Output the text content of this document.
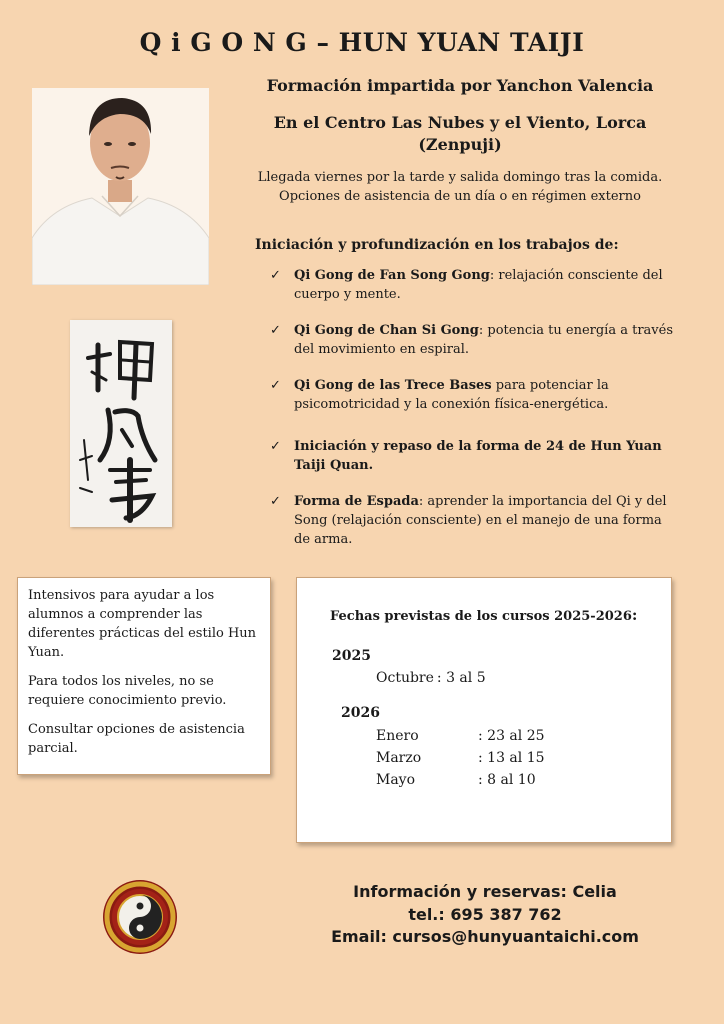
Q i G O N G – HUN YUAN TAIJI
Formación impartida por Yanchon Valencia
En el Centro Las Nubes y el Viento, Lorca
(Zenpuji)
Llegada viernes por la tarde y salida domingo tras la comida.
Opciones de asistencia de un día o en régimen externo
Iniciación y profundización en los trabajos de:
✓ Qi Gong de Fan Song Gong: relajación consciente del cuerpo y mente.
✓ Qi Gong de Chan Si Gong: potencia tu energía a través del movimiento en espiral.
✓ Qi Gong de las Trece Bases para potenciar la psicomotricidad y la conexión física-energética.
✓ Iniciación y repaso de la forma de 24 de Hun Yuan Taiji Quan.
✓ Forma de Espada: aprender la importancia del Qi y del Song (relajación consciente) en el manejo de una forma de arma.

Intensivos para ayudar a los alumnos a comprender las diferentes prácticas del estilo Hun Yuan.

Para todos los niveles, no se requiere conocimiento previo.

Consultar opciones de asistencia parcial.

Fechas previstas de los cursos 2025-2026:
2025
Octubre : 3 al 5
2026
Enero	: 23 al 25
Marzo	: 13 al 15
Mayo	: 8 al 10
Información y reservas: Celia
tel.: 695 387 762
Email: cursos@hunyuantaichi.com
